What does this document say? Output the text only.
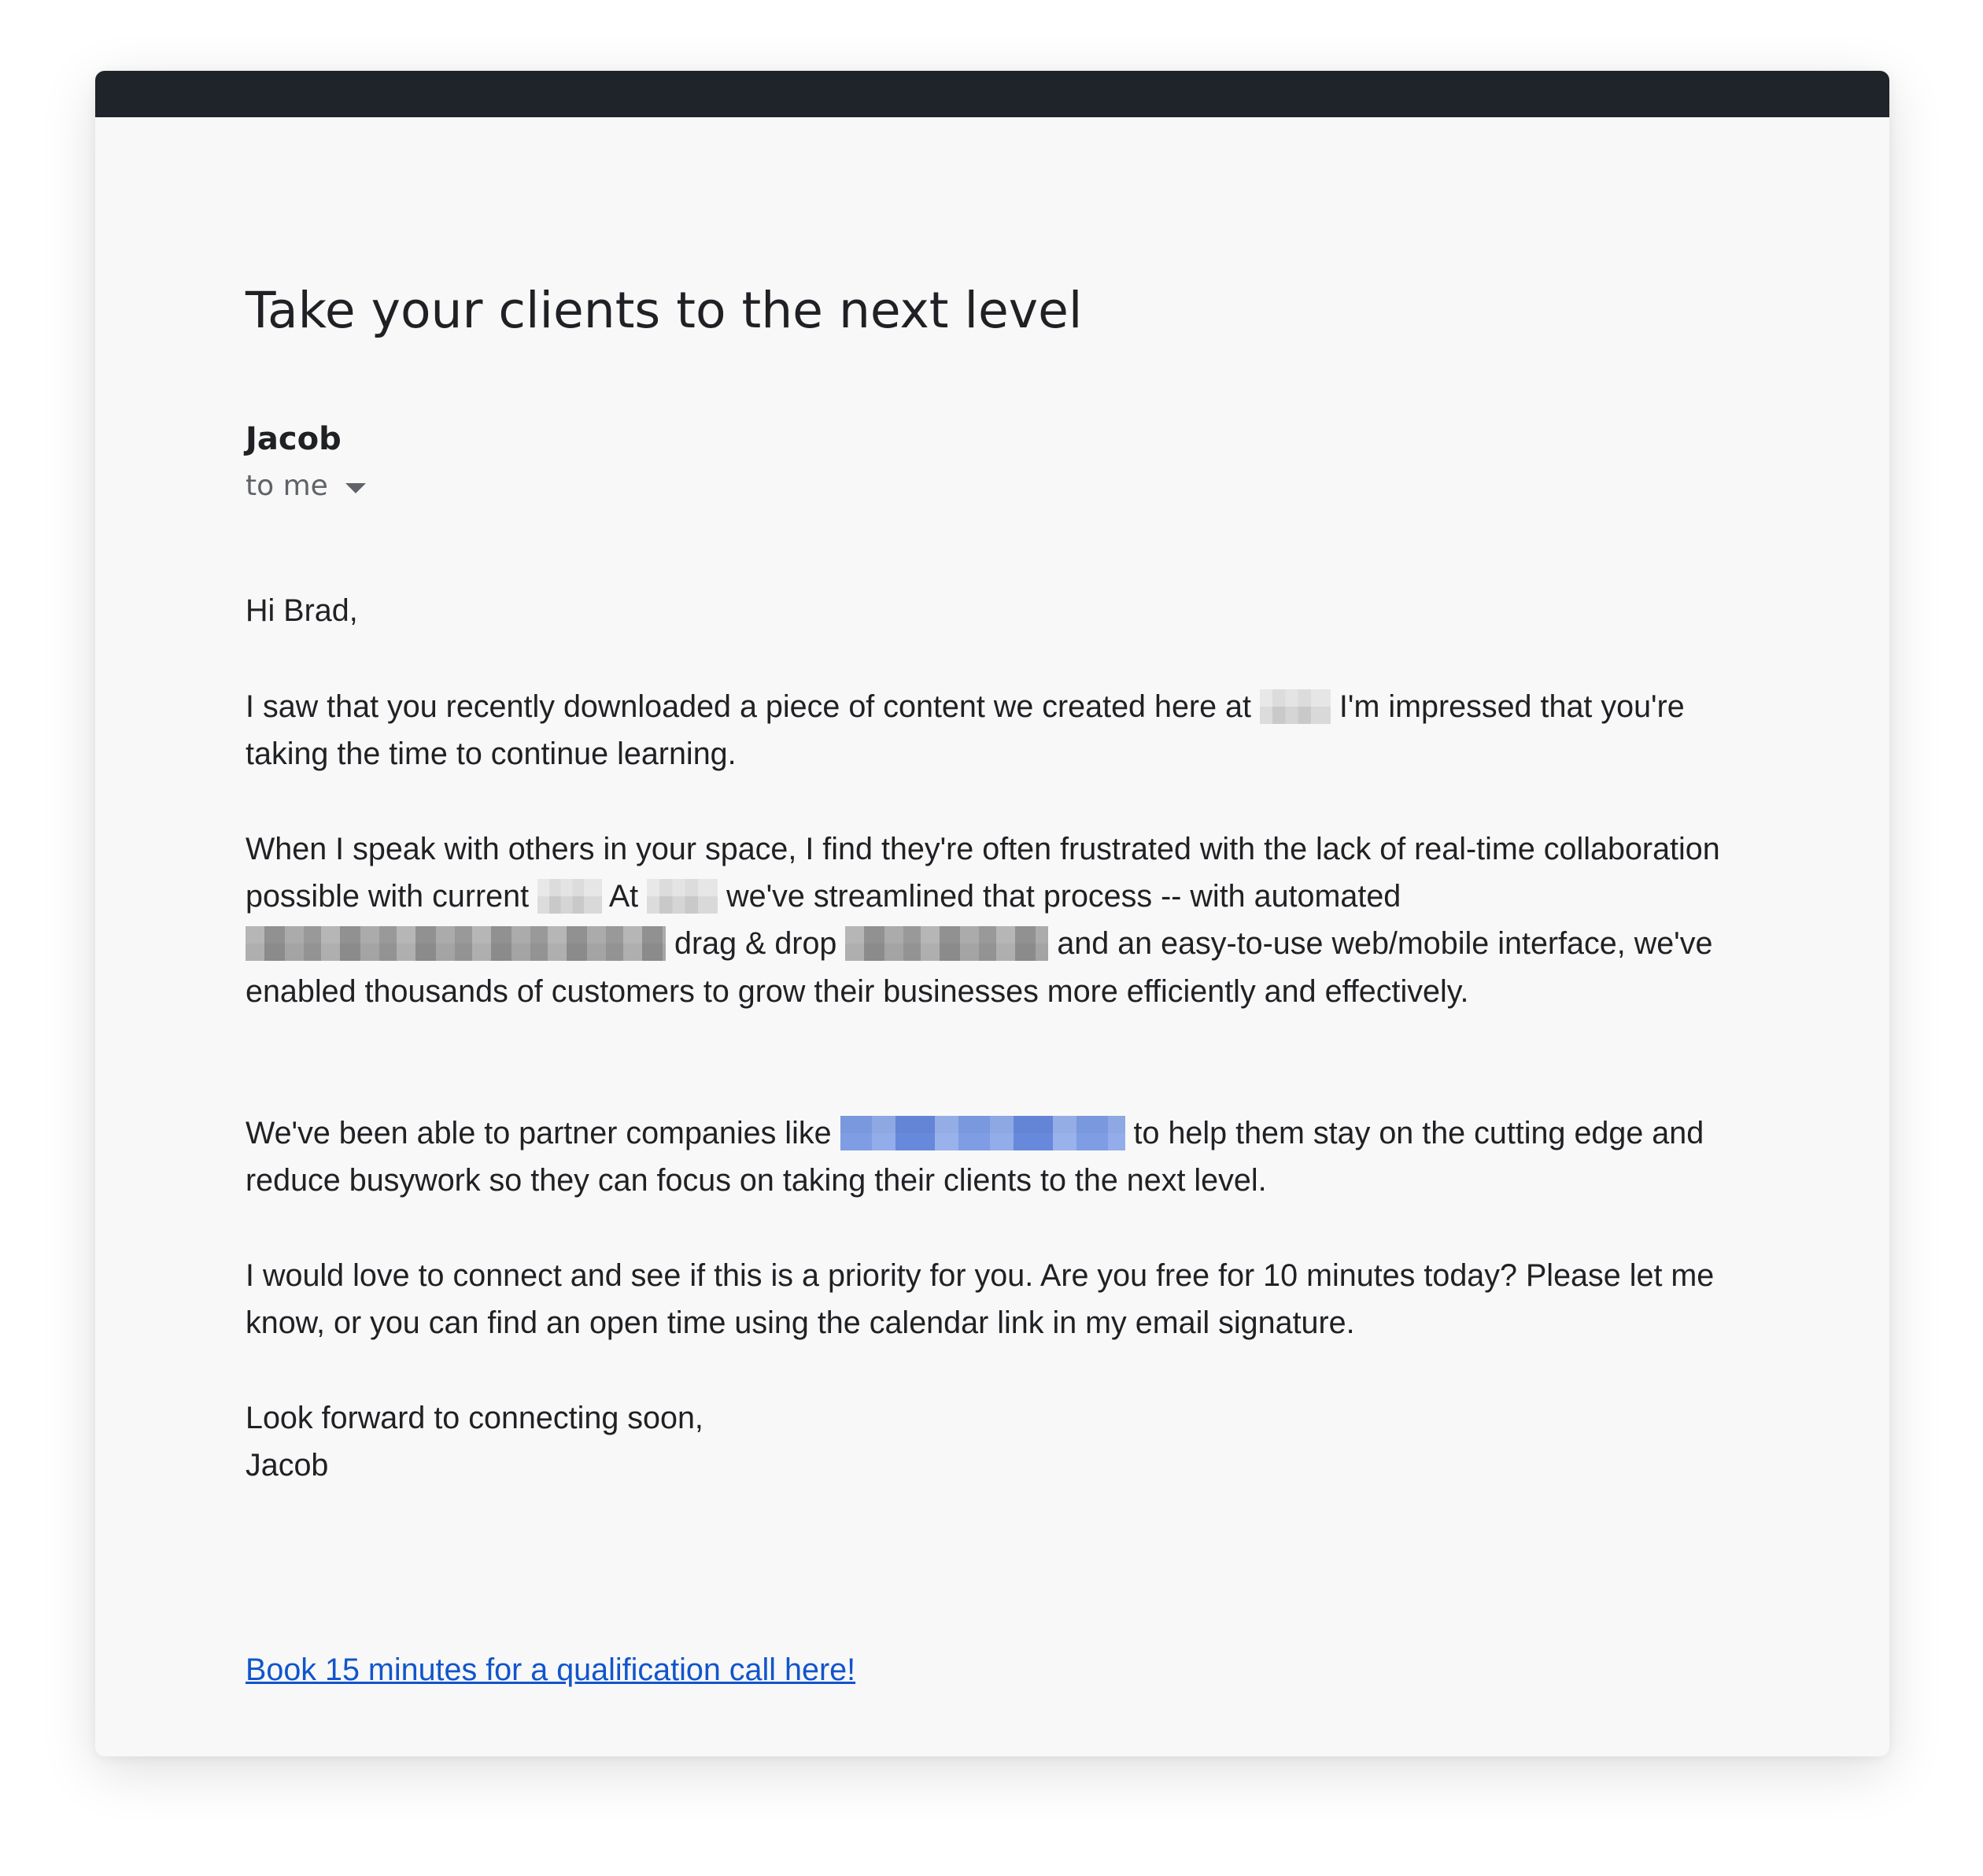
Take your clients to the next level
Jacob
to me

Hi Brad,

I saw that you recently downloaded a piece of content we created here at  I'm impressed that you're taking the time to continue learning.

When I speak with others in your space, I find they're often frustrated with the lack of real-time collaboration possible with current  At  we've streamlined that process -- with automated  drag & drop	and an easy-to-use web/mobile interface, we've enabled thousands of customers to grow their businesses more efficiently and effectively.

We've been able to partner companies like	to help them stay on the cutting edge and reduce busywork so they can focus on taking their clients to the next level.

I would love to connect and see if this is a priority for you. Are you free for 10 minutes today? Please let me know, or you can find an open time using the calendar link in my email signature.

Look forward to connecting soon,
Jacob

Book 15 minutes for a qualification call here!
